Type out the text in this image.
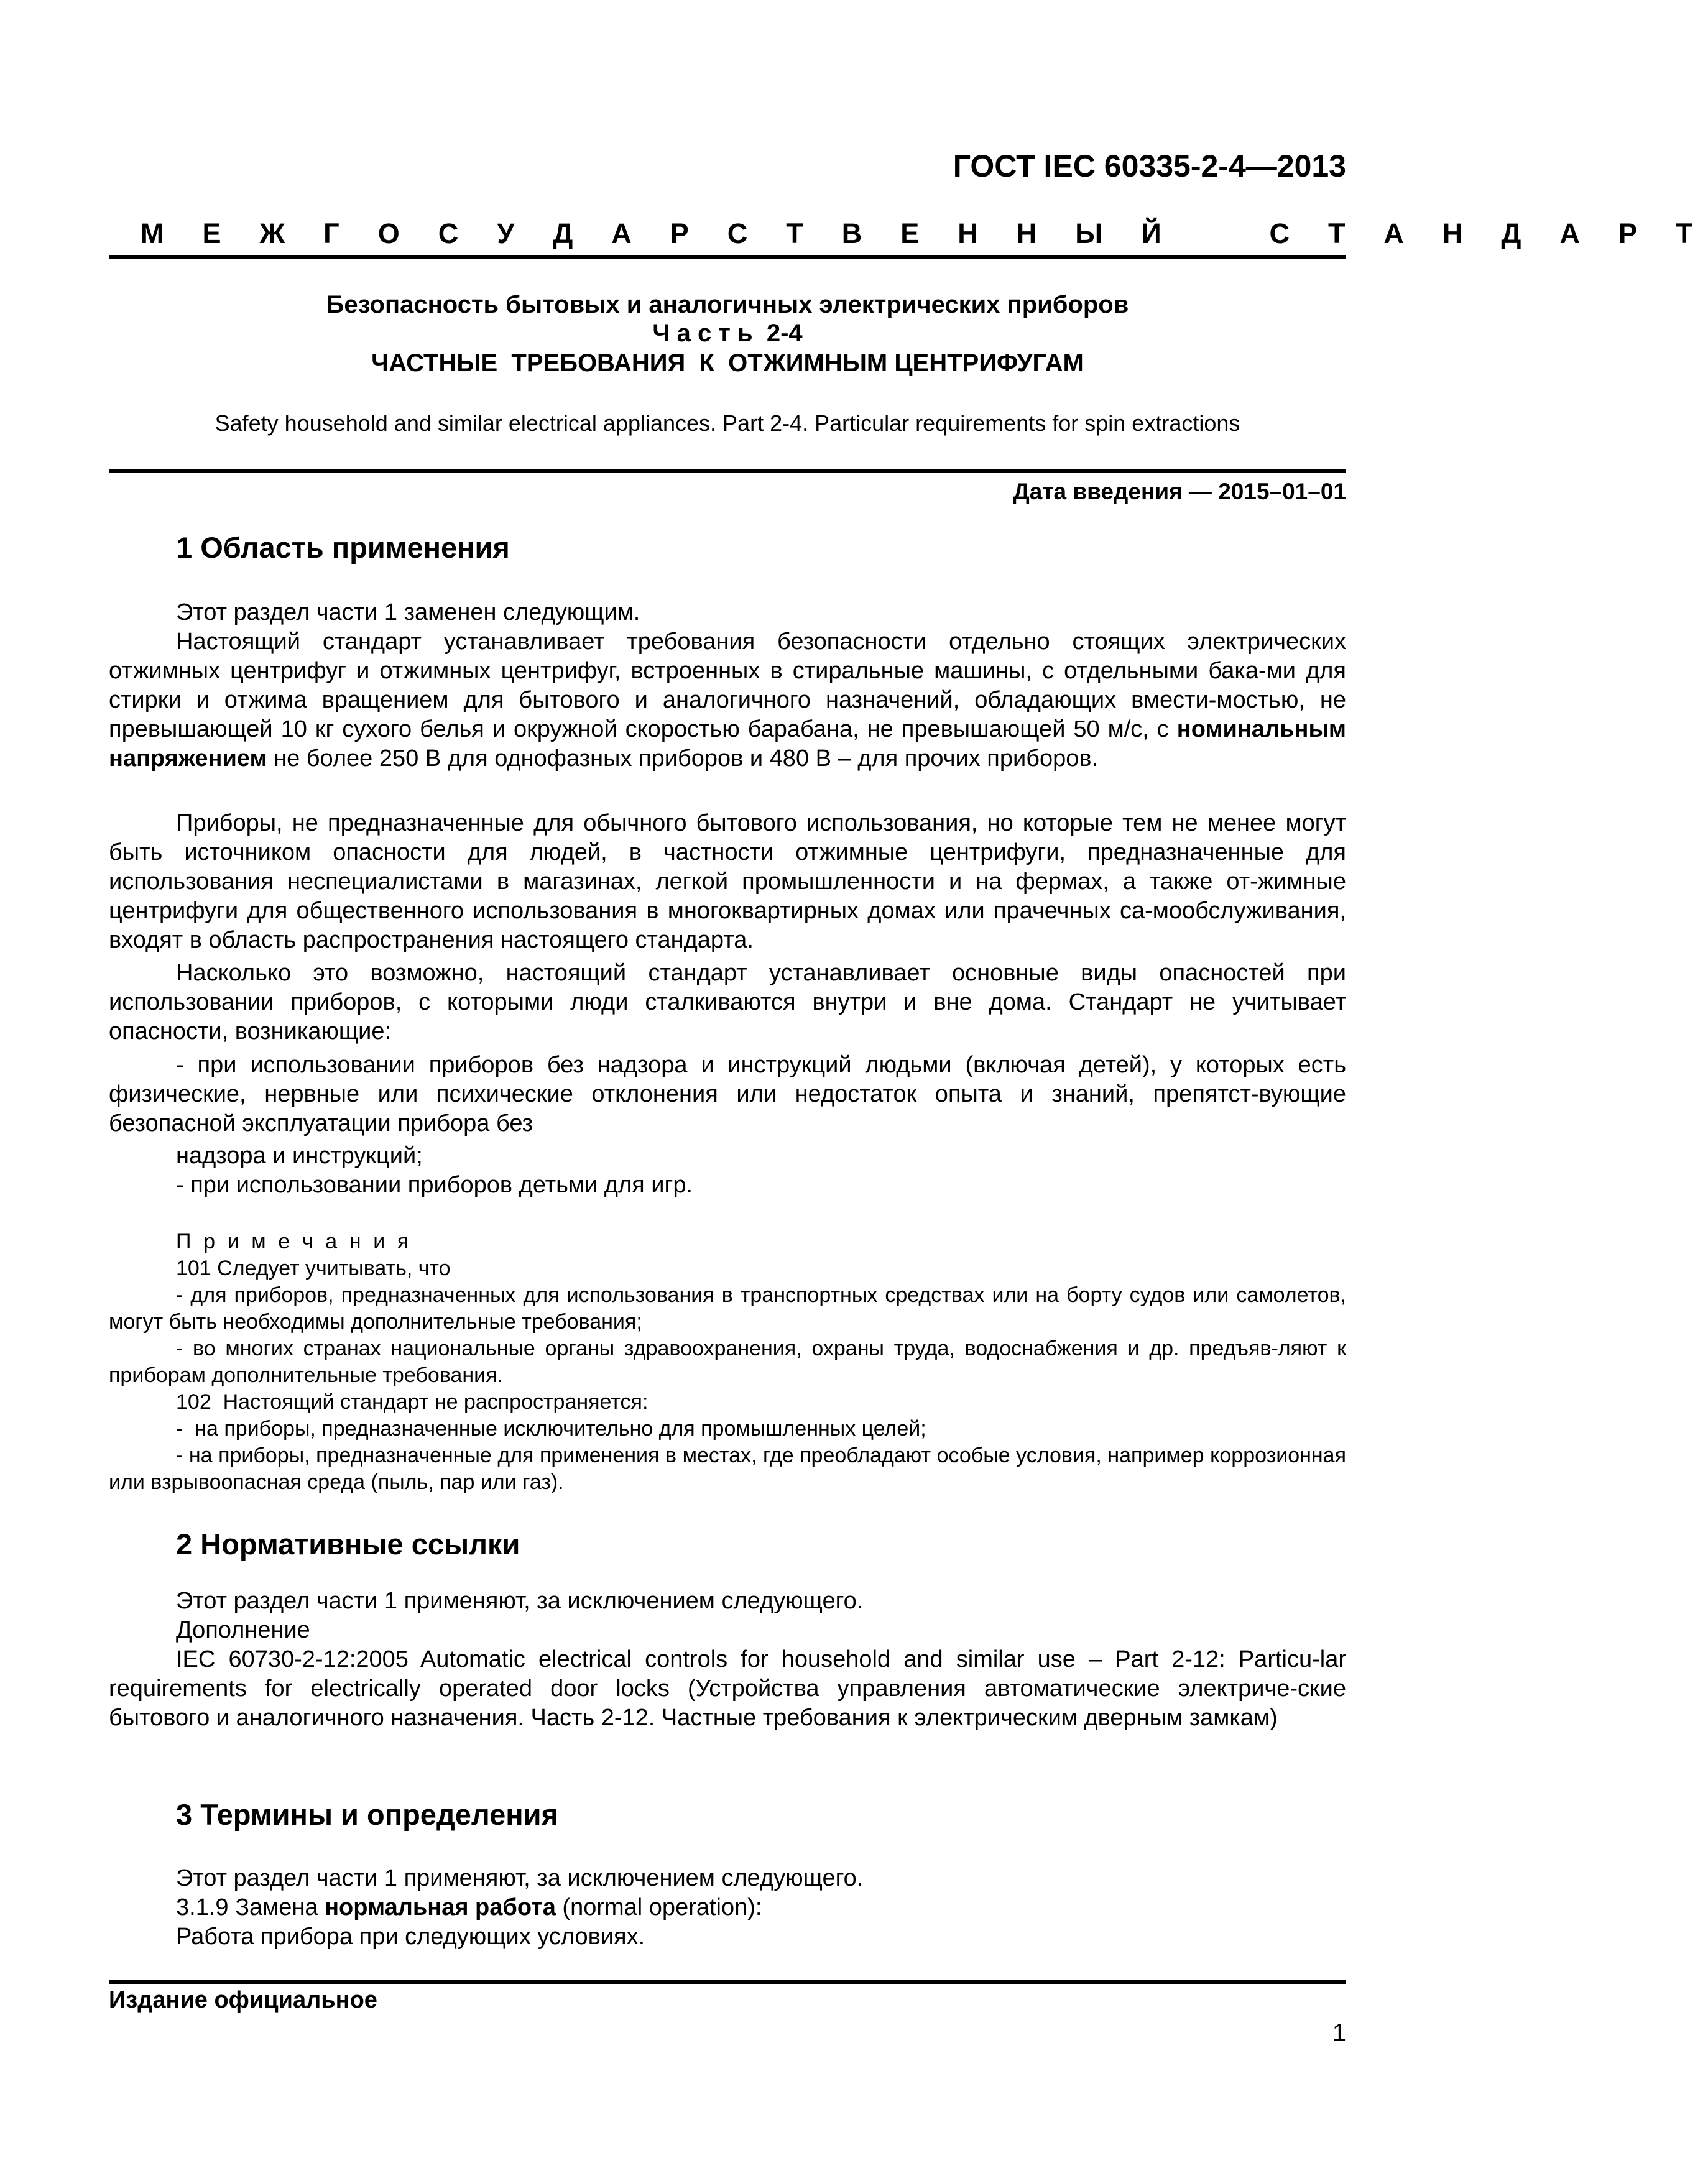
ГОСТ IEC 60335-2-4—2013
М Е Ж Г О С У Д А Р С Т В Е Н Н Ы Й    С Т А Н Д А Р Т
Безопасность бытовых и аналогичных электрических приборов
Ч а с т ь  2-4
ЧАСТНЫЕ  ТРЕБОВАНИЯ  К  ОТЖИМНЫМ ЦЕНТРИФУГАМ
Safety household and similar electrical appliances. Part 2-4. Particular requirements for spin extractions
Дата введения — 2015–01–01
1 Область применения
Этот раздел части 1 заменен следующим.
Настоящий стандарт устанавливает требования безопасности отдельно стоящих электрических отжимных центрифуг и отжимных центрифуг, встроенных в стиральные машины, с отдельными бака-ми для стирки и отжима вращением для бытового и аналогичного назначений, обладающих вмести-мостью, не превышающей 10 кг сухого белья и окружной скоростью барабана, не превышающей 50 м/с, с номинальным напряжением не более 250 В для однофазных приборов и 480 В – для прочих приборов.
Приборы, не предназначенные для обычного бытового использования, но которые тем не менее могут быть источником опасности для людей, в частности отжимные центрифуги, предназначенные для использования неспециалистами в магазинах, легкой промышленности и на фермах, а также от-жимные центрифуги для общественного использования в многоквартирных домах или прачечных са-мообслуживания, входят в область распространения настоящего стандарта.
Насколько это возможно, настоящий стандарт устанавливает основные виды опасностей при использовании приборов, с которыми люди сталкиваются внутри и вне дома. Стандарт не учитывает опасности, возникающие:
- при использовании приборов без надзора и инструкций людьми (включая детей), у которых есть физические, нервные или психические отклонения или недостаток опыта и знаний, препятст-вующие безопасной эксплуатации прибора без
надзора и инструкций;
- при использовании приборов детьми для игр.
П р и м е ч а н и я
101 Следует учитывать, что
- для приборов, предназначенных для использования в транспортных средствах или на борту судов или самолетов, могут быть необходимы дополнительные требования;
- во многих странах национальные органы здравоохранения, охраны труда, водоснабжения и др. предъяв-ляют к приборам дополнительные требования.
102  Настоящий стандарт не распространяется:
-  на приборы, предназначенные исключительно для промышленных целей;
- на приборы, предназначенные для применения в местах, где преобладают особые условия, например коррозионная или взрывоопасная среда (пыль, пар или газ).
2 Нормативные ссылки
Этот раздел части 1 применяют, за исключением следующего.
Дополнение
IEC 60730-2-12:2005 Automatic electrical controls for household and similar use – Part 2-12: Particu-lar requirements for electrically operated door locks (Устройства управления автоматические электриче-ские бытового и аналогичного назначения. Часть 2-12. Частные требования к электрическим дверным замкам)
3 Термины и определения
Этот раздел части 1 применяют, за исключением следующего.
3.1.9 Замена нормальная работа (normal operation):
Работа прибора при следующих условиях.
Издание официальное
1
